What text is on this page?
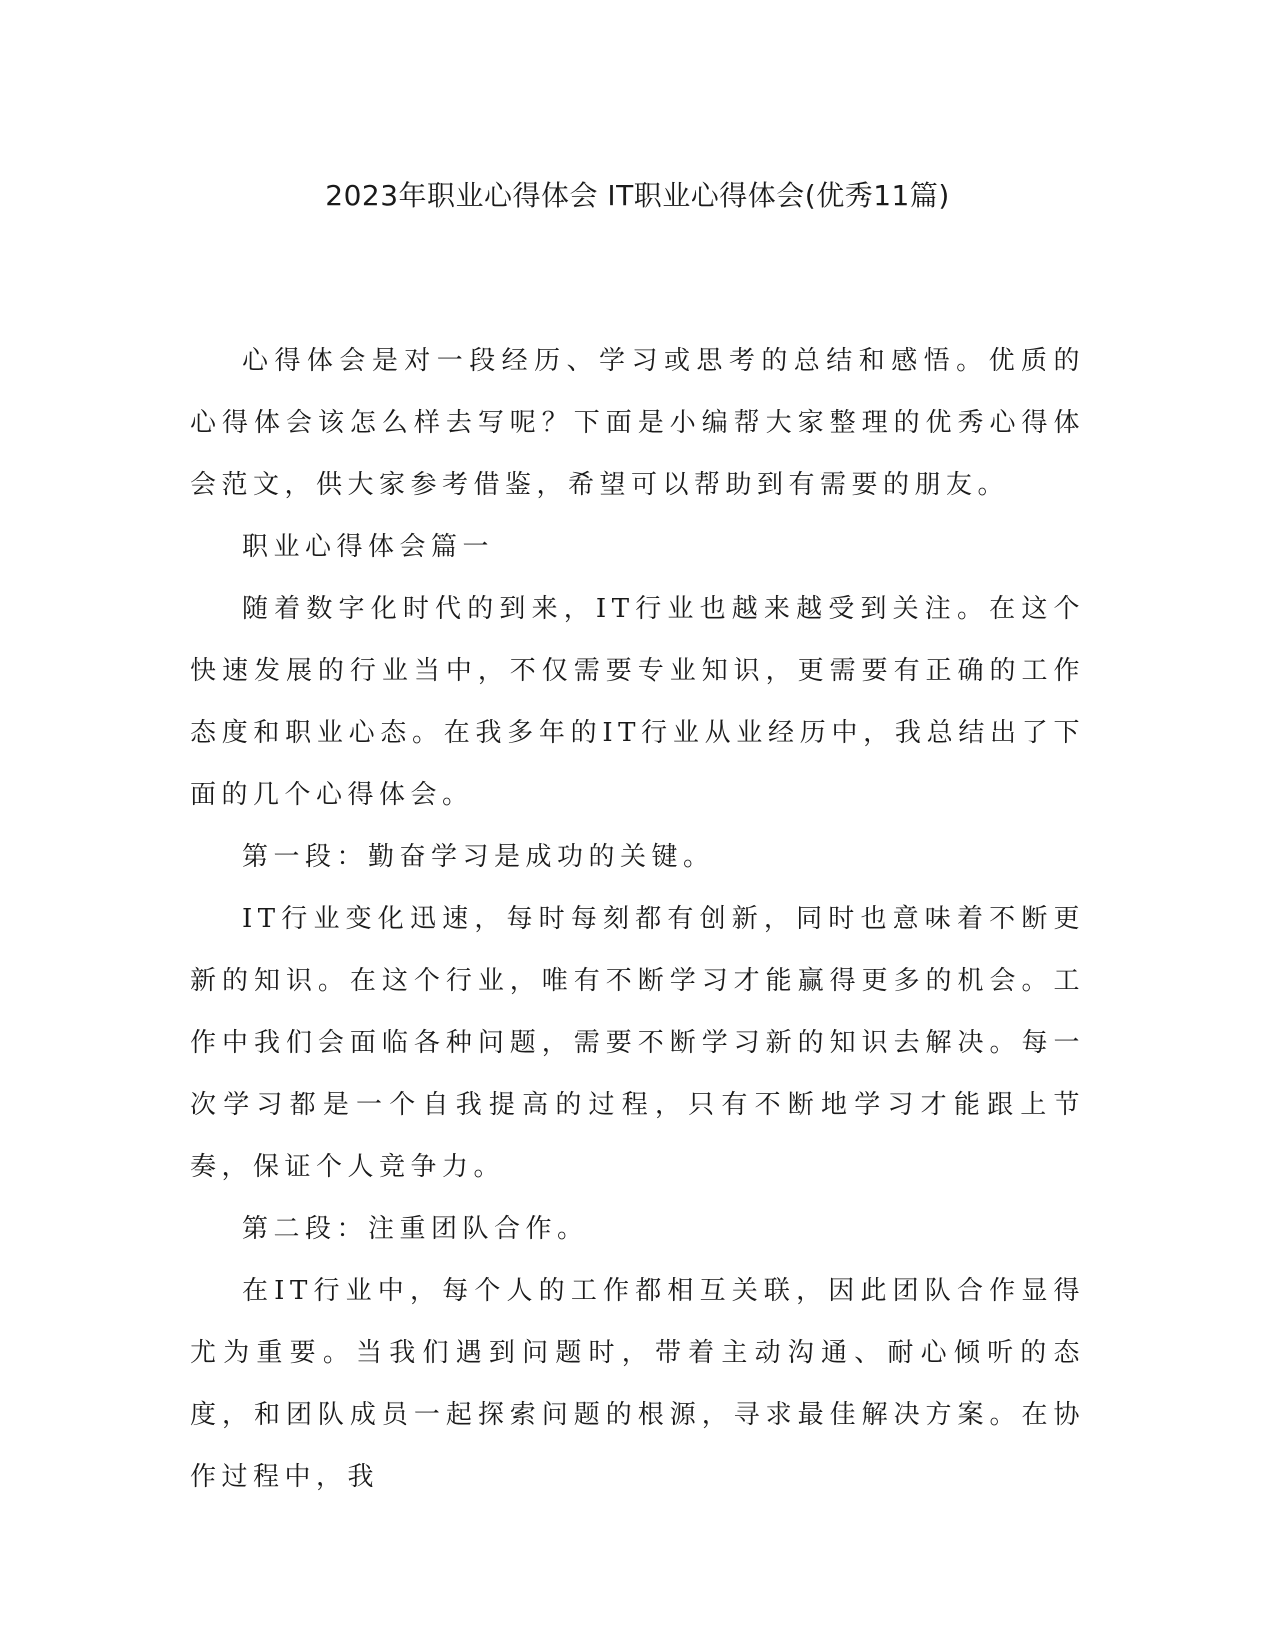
2023年职业心得体会 IT职业心得体会(优秀11篇)

心得体会是对一段经历、学习或思考的总结和感悟。优质的心得体会该怎么样去写呢？下面是小编帮大家整理的优秀心得体会范文，供大家参考借鉴，希望可以帮助到有需要的朋友。

职业心得体会篇一

随着数字化时代的到来，IT行业也越来越受到关注。在这个快速发展的行业当中，不仅需要专业知识，更需要有正确的工作态度和职业心态。在我多年的IT行业从业经历中，我总结出了下面的几个心得体会。

第一段：勤奋学习是成功的关键。

IT行业变化迅速，每时每刻都有创新，同时也意味着不断更新的知识。在这个行业，唯有不断学习才能赢得更多的机会。工作中我们会面临各种问题，需要不断学习新的知识去解决。每一次学习都是一个自我提高的过程，只有不断地学习才能跟上节奏，保证个人竞争力。

第二段：注重团队合作。

在IT行业中，每个人的工作都相互关联，因此团队合作显得尤为重要。当我们遇到问题时，带着主动沟通、耐心倾听的态度，和团队成员一起探索问题的根源，寻求最佳解决方案。在协作过程中，我
